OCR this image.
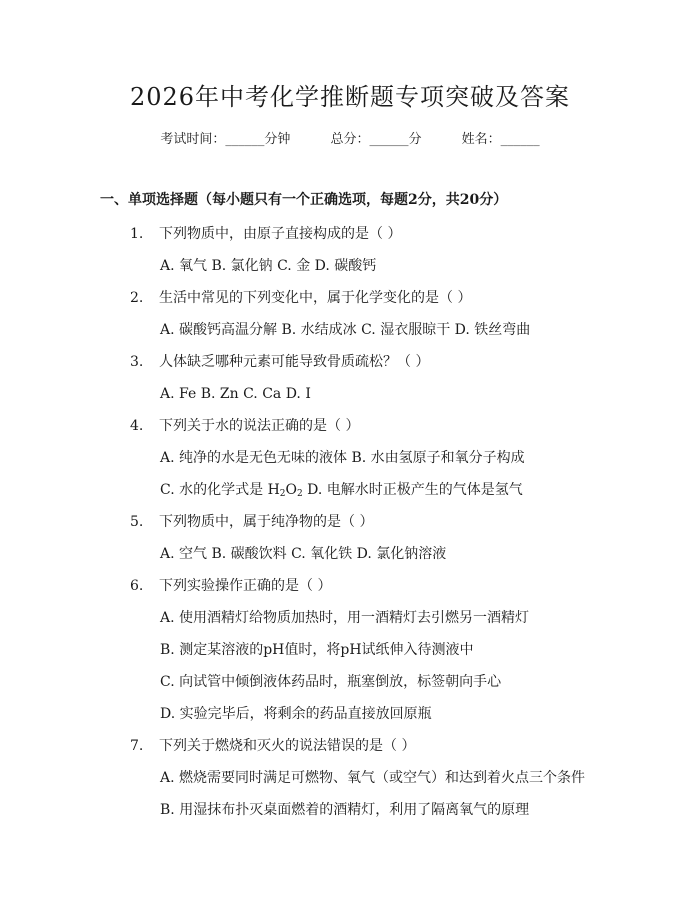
2026年中考化学推断题专项突破及答案
考试时间：______分钟	总分：______分	姓名：______
一、单项选择题（每小题只有一个正确选项，每题2分，共20分）
1. 下列物质中，由原子直接构成的是（ ）
A. 氧气 B. 氯化钠 C. 金 D. 碳酸钙
2. 生活中常见的下列变化中，属于化学变化的是（ ）
A. 碳酸钙高温分解 B. 水结成冰 C. 湿衣服晾干 D. 铁丝弯曲
3. 人体缺乏哪种元素可能导致骨质疏松？（ ）
A. Fe B. Zn C. Ca D. I
4. 下列关于水的说法正确的是（ ）
A. 纯净的水是无色无味的液体 B. 水由氢原子和氧分子构成
C. 水的化学式是 $H_2O_2$ D. 电解水时正极产生的气体是氢气
5. 下列物质中，属于纯净物的是（ ）
A. 空气 B. 碳酸饮料 C. 氧化铁 D. 氯化钠溶液
6. 下列实验操作正确的是（ ）
A. 使用酒精灯给物质加热时，用一酒精灯去引燃另一酒精灯
B. 测定某溶液的pH值时，将pH试纸伸入待测液中
C. 向试管中倾倒液体药品时，瓶塞倒放，标签朝向手心
D. 实验完毕后，将剩余的药品直接放回原瓶
7. 下列关于燃烧和灭火的说法错误的是（ ）
A. 燃烧需要同时满足可燃物、氧气（或空气）和达到着火点三个条件
B. 用湿抹布扑灭桌面燃着的酒精灯，利用了隔离氧气的原理
